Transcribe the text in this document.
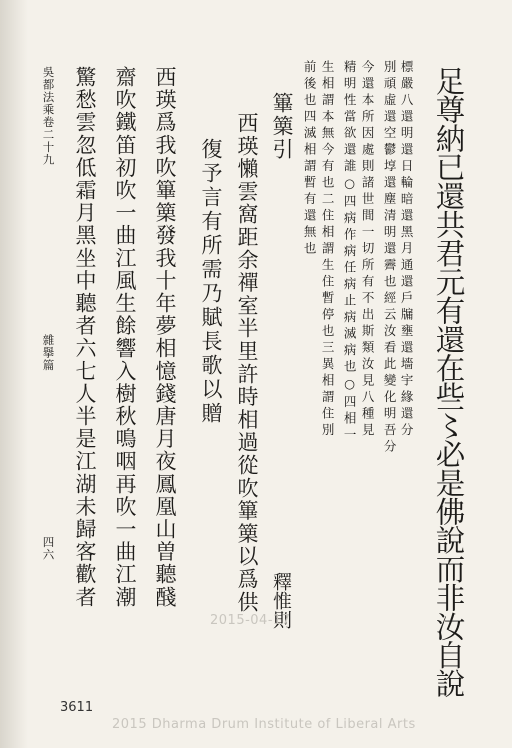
足尊納已還共君元有還在些〻必是佛說而非汝自說
標嚴八還明還日輪暗還黑月通還戶牖壅還墻宇緣還分
別頑虛還空鬱埻還塵清明還霽也經云汝看此變化明吾分
今還本所因處則諸世間一切所有不出斯類汝見八種見
精明性當欲還誰○四病作病任病止病滅病也○四相一
生相謂本無今有也二住相謂生住暫停也三異相謂住別
前後也四滅相謂暫有還無也
篳篥引
釋惟則
西瑛懶雲窩距余禪室半里許時相過從吹篳篥以爲供
復予言有所需乃賦長歌以贈
西瑛爲我吹篳篥發我十年夢相憶錢唐月夜鳳凰山曽聽醆
齋吹鐵笛初吹一曲江風生餘響入樹秋鳴咽再吹一曲江潮
驚愁雲忽低霜月黑坐中聽者六七人半是江湖未歸客歡者
吳都法乘卷二十九
雜擧篇
四六
2015-04-17
3611
2015 Dharma Drum Institute of Liberal Arts
